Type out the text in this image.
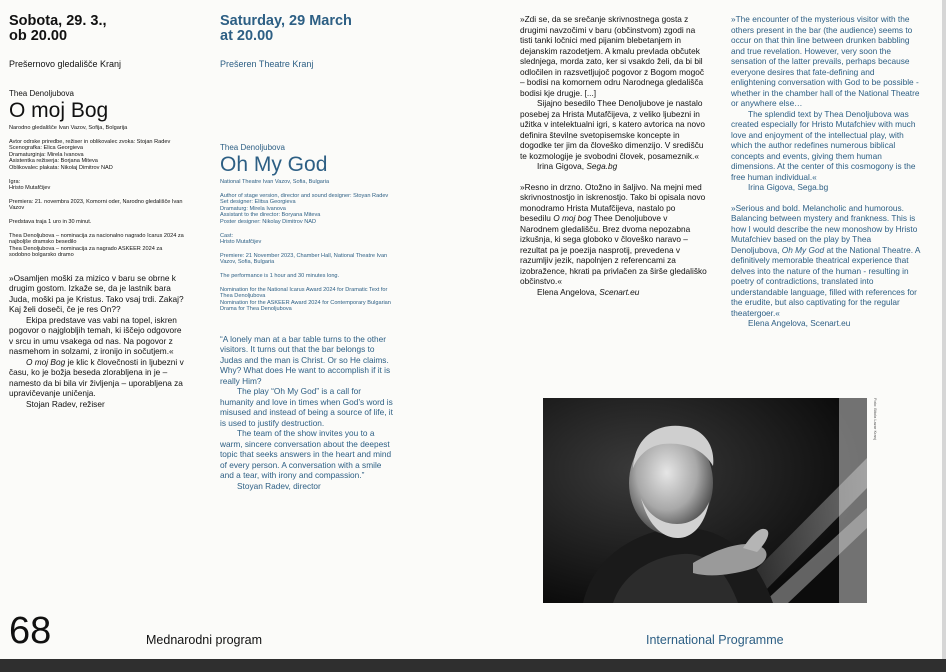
Sobota, 29. 3.,
ob 20.00
Prešernovo gledališče Kranj
Thea Denoljubova
O moj Bog
Narodno gledališče Ivan Vazov, Sofija, Bolgarija
Avtor odrske priredbe, režiser in oblikovalec zvoka: Stojan Radev
Scenografka: Elica Georgieva
Dramaturginja: Mirela Ivanova
Asistentka režiserja: Borjana Miteva
Oblikovalec plakata: Nikolaj Dimitrov NAD
Igra:
Hristo Mutafčijev
Premiera: 21. novembra 2023, Komorni oder, Narodno gledališče Ivan Vazov
Predstava traja 1 uro in 30 minut.
Thea Denoljubova – nominacija za nacionalno nagrado Icarus 2024 za najboljše dramsko besedilo
Thea Denoljubova – nominacija za nagrado ASKEER 2024 za sodobno bolgarsko dramo

»Osamljen moški za mizico v baru se obrne k drugim gostom. Izkaže se, da je lastnik bara Juda, moški pa je Kristus. Tako vsaj trdi. Zakaj? Kaj želi doseči, če je res On??

Ekipa predstave vas vabi na topel, iskren pogovor o najglobljih temah, ki iščejo odgovore v srcu in umu vsakega od nas. Na pogovor z nasmehom in solzami, z ironijo in sočutjem.«

O moj Bog je klic k človečnosti in ljubezni v času, ko je božja beseda zlorabljena in je – namesto da bi bila vir življenja – uporabljena za upravičevanje uničenja.

Stojan Radev, režiser

Saturday, 29 March
at 20.00
Prešeren Theatre Kranj
Thea Denoljubova
Oh My God
National Theatre Ivan Vazov, Sofia, Bulgaria
Author of stage version, director and sound designer: Stoyan Radev
Set designer: Elitsa Georgieva
Dramaturg: Mirela Ivanova
Assistant to the director: Boryana Miteva
Poster designer: Nikolay Dimitrov NAD
Cast:
Hristo Mutafčijev
Premiere: 21 November 2023, Chamber Hall, National Theatre Ivan Vazov, Sofia, Bulgaria
The performance is 1 hour and 30 minutes long.
Nomination for the National Icarus Award 2024 for Dramatic Text for Thea Denoljubova
Nomination for the ASKEER Award 2024 for Contemporary Bulgarian Drama for Thea Denoljubova

“A lonely man at a bar table turns to the other visitors. It turns out that the bar belongs to Judas and the man is Christ. Or so He claims. Why? What does He want to accomplish if it is really Him?

The play “Oh My God” is a call for humanity and love in times when God’s word is misused and instead of being a source of life, it is used to justify destruction.

The team of the show invites you to a warm, sincere conversation about the deepest topic that seeks answers in the heart and mind of every person. A conversation with a smile and a tear, with irony and compassion.”

Stoyan Radev, director

»Zdi se, da se srečanje skrivnostnega gosta z drugimi navzočimi v baru (občinstvom) zgodi na tisti tanki ločnici med pijanim blebetanjem in dejanskim razodetjem. A kmalu prevlada občutek slednjega, morda zato, ker si vsakdo želi, da bi bil odločilen in razsvetljujoč pogovor z Bogom mogoč – bodisi na komornem odru Narodnega gledališča bodisi kje drugje. [...]

Sijajno besedilo Thee Denoljubove je nastalo posebej za Hrista Mutafčijeva, z veliko ljubezni in užitka v intelektualni igri, s katero avtorica na novo definira številne svetopisemske koncepte in dogodke ter jim da človeško dimenzijo. V središču te kozmologije je svobodni človek, posameznik.«

Irina Gigova, Sega.bg

»Resno in drzno. Otožno in šaljivo. Na mejni med skrivnostnostjo in iskrenostjo. Tako bi opisala novo monodramo Hrista Mutafčijeva, nastalo po besedilu O moj bog Thee Denoljubove v Narodnem gledališču. Brez dvoma nepozabna izkušnja, ki sega globoko v človeško naravo – rezultat pa je poezija nasprotij, prevedena v razumljiv jezik, napolnjen z referencami za izobražence, hkrati pa privlačen za širše gledališko občinstvo.«

Elena Angelova, Scenart.eu

»The encounter of the mysterious visitor with the others present in the bar (the audience) seems to occur on that thin line between drunken babbling and true revelation. However, very soon the sensation of the latter prevails, perhaps because everyone desires that fate-defining and enlightening conversation with God to be possible - whether in the chamber hall of the National Theatre or anywhere else…

The splendid text by Thea Denoljubova was created especially for Hristo Mutafchiev with much love and enjoyment of the intellectual play, with which the author redefines numerous biblical concepts and events, giving them human dimensions. At the center of this cosmogony is the free human individual.«

Irina Gigova, Sega.bg

»Serious and bold. Melancholic and humorous. Balancing between mystery and frankness. This is how I would describe the new monoshow by Hristo Mutafchiev based on the play by Thea Denoljubova, Oh My God at the National Theatre. A definitively memorable theatrical experience that delves into the nature of the human - resulting in poetry of contradictions, translated into understandable language, filled with references for the erudite, but also captivating for the regular theatergoer.«

Elena Angelova, Scenart.eu

Foto: Bitola Lazar Kranj
68	Mednarodni program	International Programme
